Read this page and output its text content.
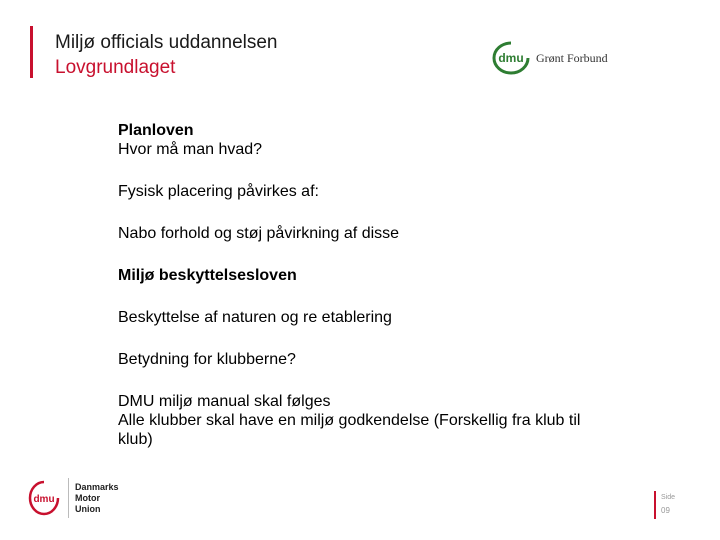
Miljø officials uddannelsen
Lovgrundlaget	dmu Grønt Forbund
Planloven
Hvor må man hvad?
Fysisk placering påvirkes af:
Nabo forhold og støj påvirkning af disse
Miljø beskyttelsesloven
Beskyttelse af naturen og re etablering
Betydning for klubberne?
DMU miljø manual skal følges
Alle klubber skal have en miljø godkendelse (Forskellig fra klub til klub)
dmu
Danmarks
Motor
Union
Side
09
